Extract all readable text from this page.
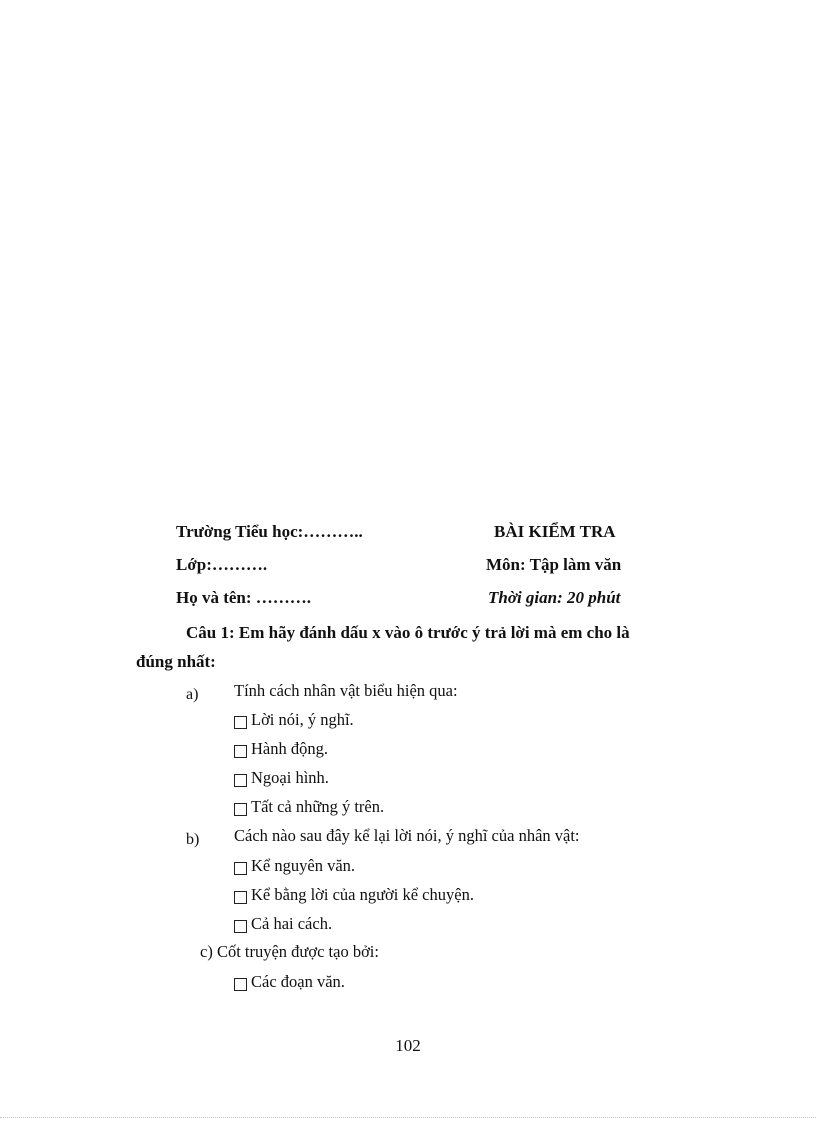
Trường Tiểu học:………..
Lớp:……….
Họ và tên: ……….
BÀI KIỂM TRA
Môn: Tập làm văn
Thời gian: 20 phút
Câu 1: Em hãy đánh dấu x vào ô trước ý trả lời mà em cho là
đúng nhất:
a) Tính cách nhân vật biểu hiện qua:
Lời nói, ý nghĩ.
Hành động.
Ngoại hình.
Tất cả những ý trên.
b) Cách nào sau đây kể lại lời nói, ý nghĩ của nhân vật:
Kể nguyên văn.
Kể bằng lời của người kể chuyện.
Cả hai cách.
c) Cốt truyện được tạo bởi:
Các đoạn văn.
102
